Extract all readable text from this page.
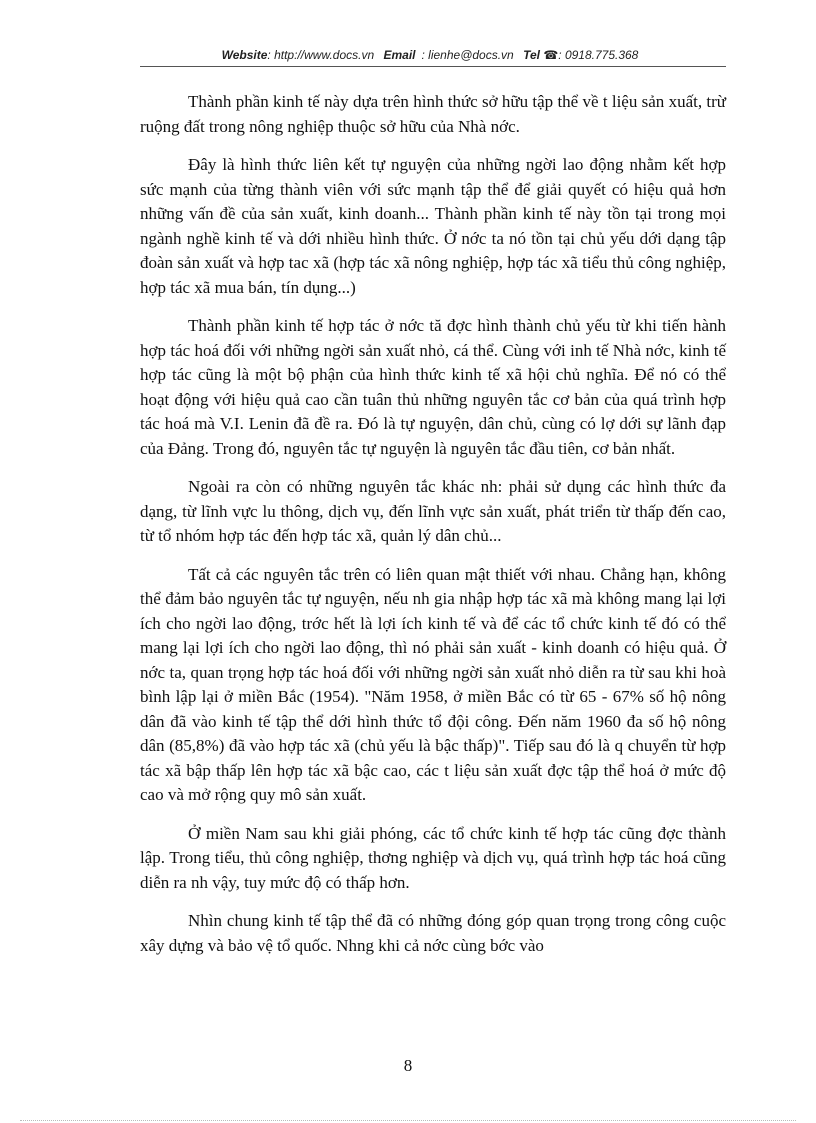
Website: http://www.docs.vn Email : lienhe@docs.vn Tel ☎: 0918.775.368

Thành phần kinh tế này dựa trên hình thức sở hữu tập thể về t liệu sản xuất, trừ ruộng đất trong nông nghiệp thuộc sở hữu của Nhà nớc.

Đây là hình thức liên kết tự nguyện của những ngời lao động nhằm kết hợp sức mạnh của từng thành viên với sức mạnh tập thể để giải quyết có hiệu quả hơn những vấn đề của sản xuất, kinh doanh... Thành phần kinh tế này tồn tại trong mọi ngành nghề kinh tế và dới nhiều hình thức. Ở nớc ta nó tồn tại chủ yếu dới dạng tập đoàn sản xuất và hợp tac xã (hợp tác xã nông nghiệp, hợp tác xã tiểu thủ công nghiệp, hợp tác xã mua bán, tín dụng...)

Thành phần kinh tế hợp tác ở nớc tă đợc hình thành chủ yếu từ khi tiến hành hợp tác hoá đối với những ngời sản xuất nhỏ, cá thể. Cùng với inh tế Nhà nớc, kinh tế hợp tác cũng là một bộ phận của hình thức kinh tế xã hội chủ nghĩa. Để nó có thể hoạt động với hiệu quả cao cần tuân thủ những nguyên tắc cơ bản của quá trình hợp tác hoá mà V.I. Lenin đã đề ra. Đó là tự nguyện, dân chủ, cùng có lợ dới sự lãnh đạp của Đảng. Trong đó, nguyên tắc tự nguyện là nguyên tắc đầu tiên, cơ bản nhất.

Ngoài ra còn có những nguyên tắc khác nh: phải sử dụng các hình thức đa dạng, từ lĩnh vực lu thông, dịch vụ, đến lĩnh vực sản xuất, phát triển từ thấp đến cao, từ tổ nhóm hợp tác đến hợp tác xã, quản lý dân chủ...

Tất cả các nguyên tắc trên có liên quan mật thiết với nhau. Chẳng hạn, không thể đảm bảo nguyên tắc tự nguyện, nếu nh gia nhập hợp tác xã mà không mang lại lợi ích cho ngời lao động, trớc hết là lợi ích kinh tế và để các tổ chức kinh tế đó có thể mang lại lợi ích cho ngời lao động, thì nó phải sản xuất - kinh doanh có hiệu quả. Ở nớc ta, quan trọng hợp tác hoá đối với những ngời sản xuất nhỏ diễn ra từ sau khi hoà bình lập lại ở miền Bắc (1954). "Năm 1958, ở miền Bắc có từ 65 - 67% số hộ nông dân đã vào kinh tế tập thể dới hình thức tổ đội công. Đến năm 1960 đa số hộ nông dân (85,8%) đã vào hợp tác xã (chủ yếu là bậc thấp)". Tiếp sau đó là q chuyển từ hợp tác xã bập thấp lên hợp tác xã bậc cao, các t liệu sản xuất đợc tập thể hoá ở mức độ cao và mở rộng quy mô sản xuất.

Ở miền Nam sau khi giải phóng, các tổ chức kinh tế hợp tác cũng đợc thành lập. Trong tiểu, thủ công nghiệp, thơng nghiệp và dịch vụ, quá trình hợp tác hoá cũng diễn ra nh vậy, tuy mức độ có thấp hơn.

Nhìn chung kinh tế tập thể đã có những đóng góp quan trọng trong công cuộc xây dựng và bảo vệ tổ quốc. Nhng khi cả nớc cùng bớc vào

8
